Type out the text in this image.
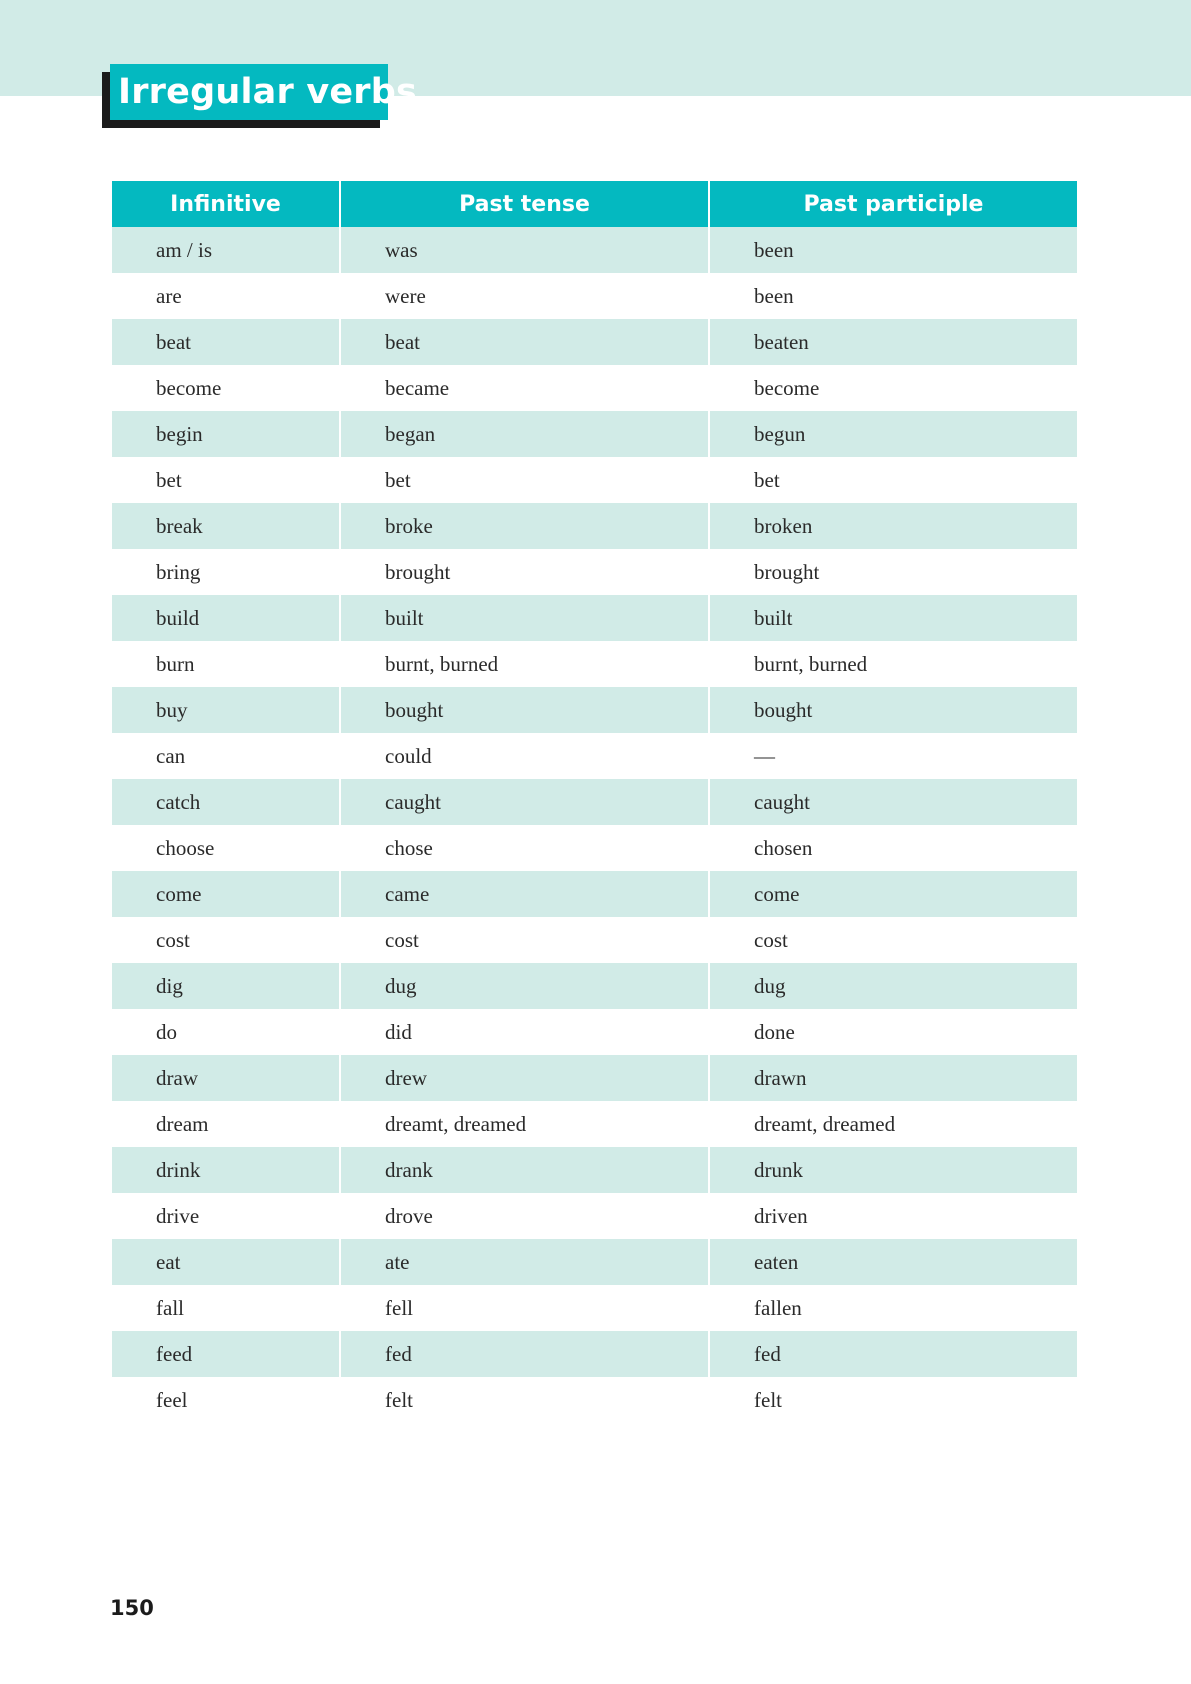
Irregular verbs
Infinitive	Past tense	Past participle
am / is	was	been
are	were	been
beat	beat	beaten
become	became	become
begin	began	begun
bet	bet	bet
break	broke	broken
bring	brought	brought
build	built	built
burn	burnt, burned	burnt, burned
buy	bought	bought
can	could	—
catch	caught	caught
choose	chose	chosen
come	came	come
cost	cost	cost
dig	dug	dug
do	did	done
draw	drew	drawn
dream	dreamt, dreamed	dreamt, dreamed
drink	drank	drunk
drive	drove	driven
eat	ate	eaten
fall	fell	fallen
feed	fed	fed
feel	felt	felt
150
